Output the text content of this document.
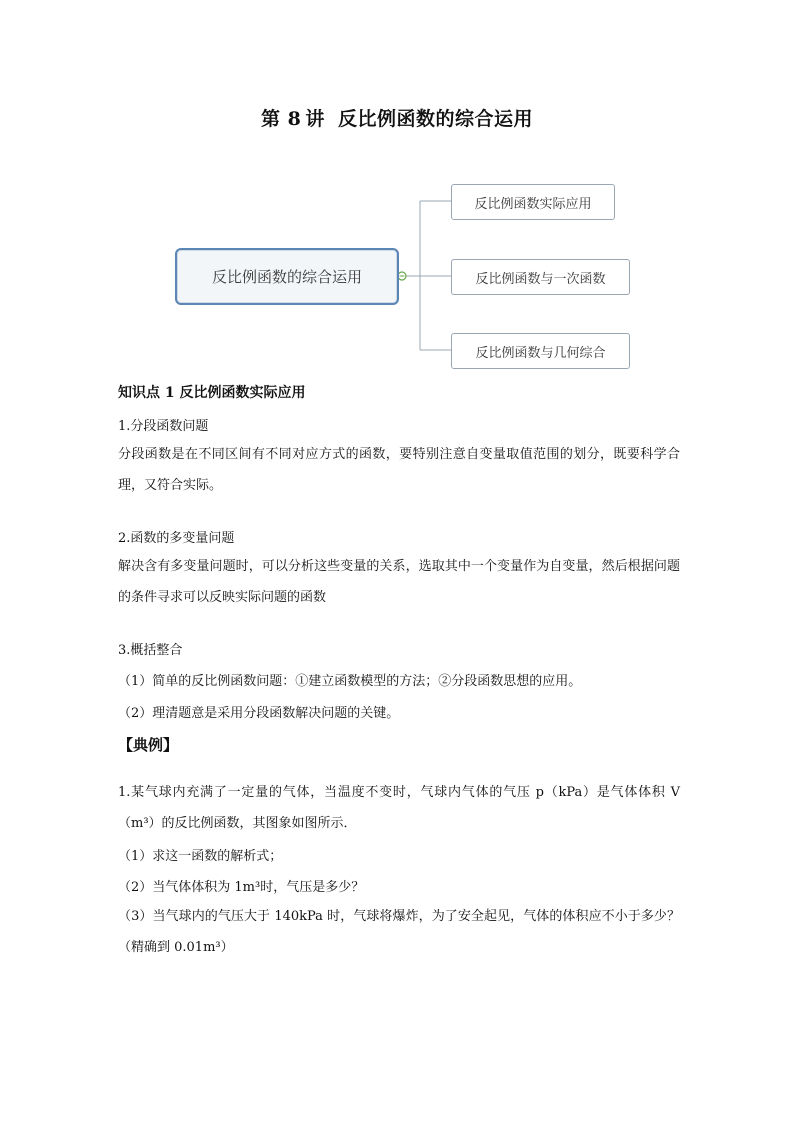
第 8 讲 反比例函数的综合运用
反比例函数的综合运用
反比例函数实际应用
反比例函数与一次函数
反比例函数与几何综合
知识点 1 反比例函数实际应用
1.分段函数问题
分段函数是在不同区间有不同对应方式的函数，要特别注意自变量取值范围的划分，既要科学合理，又符合实际。
2.函数的多变量问题
解决含有多变量问题时，可以分析这些变量的关系，选取其中一个变量作为自变量，然后根据问题的条件寻求可以反映实际问题的函数
3.概括整合
（1）简单的反比例函数问题：①建立函数模型的方法；②分段函数思想的应用。
（2）理清题意是采用分段函数解决问题的关键。
【典例】
1.某气球内充满了一定量的气体，当温度不变时，气球内气体的气压 p（kPa）是气体体积 V（m³）的反比例函数，其图象如图所示．
（1）求这一函数的解析式；
（2）当气体体积为 1m³时，气压是多少？
（3）当气球内的气压大于 140kPa 时，气球将爆炸，为了安全起见，气体的体积应不小于多少？（精确到 0.01m³）
